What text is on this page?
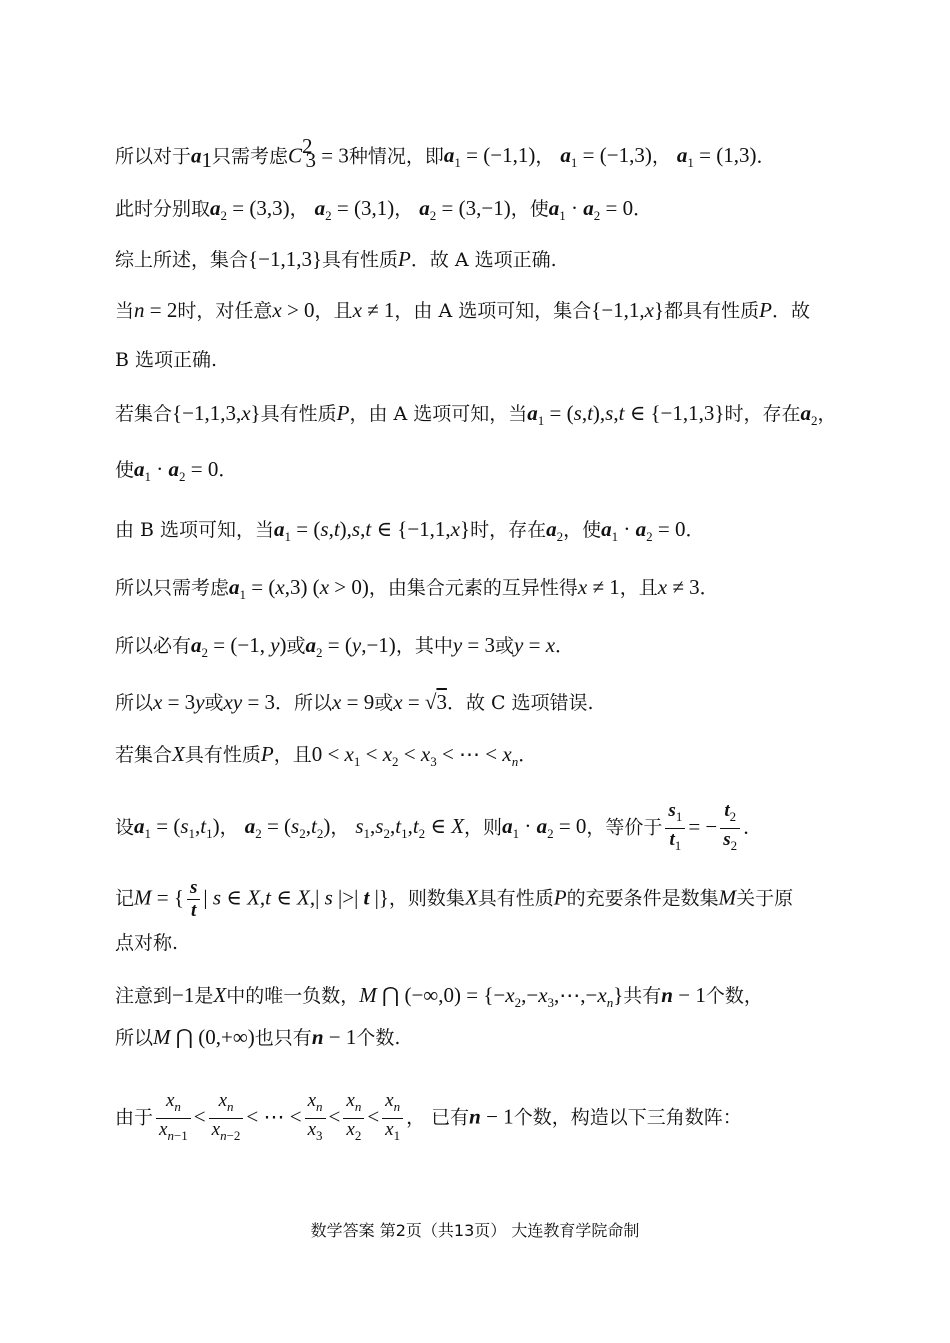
所以对于$a_1$只需考虑$C^2_3 = 3$种情况，即$a_1 = (-1,1)$， $a_1 = (-1,3)$， $a_1 = (1,3)$．
此时分别取$a_2 = (3,3)$， $a_2 = (3,1)$， $a_2 = (3,-1)$，使$a_1 \cdot a_2 = 0$．
综上所述，集合{−1,1,3}具有性质P．故 A 选项正确.
当n = 2时，对任意x > 0，且x ≠ 1，由 A 选项可知，集合{−1,1,x}都具有性质P．故
B 选项正确.
若集合{−1,1,3,x}具有性质P，由 A 选项可知，当$a_1 = (s,t),s,t$ ∈ {−1,1,3}时，存在$a_2$，
使$a_1 \cdot a_2 = 0$．
由 B 选项可知，当$a_1 = (s,t),s,t$ ∈ {−1,1,x}时，存在$a_2$，使$a_1 \cdot a_2 = 0$．
所以只需考虑$a_1 = (x,3) (x > 0)$，由集合元素的互异性得x ≠ 1，且x ≠ 3．
所以必有$a_2 = (-1$, y)或$a_2 = (y,-1)$，其中y = 3或y = x．
所以x = 3y或xy = 3．所以x = 9或x = √3．故 C 选项错误.
若集合X具有性质P，且$0 < x_1 < x_2 < x_3$ < ⋯ < $x_n$．
设$a_1 = (s_1,t_1)$， $a_2 = (s_2,t_2)$， $s_1,s_2,t_1,t_2$ ∈ X，则$a_1 \cdot a_2 = 0$，等价于 $\frac{s_1}{t_1}$ = − $\frac{t_2}{s_2}$ ．
记M = { $\frac{s}{t}$ | s ∈ X,t ∈ X,| s |>| t |}，则数集X具有性质P的充要条件是数集M关于原
点对称.
注意到−1是X中的唯一负数，M ⋂ $(-\infty,0) = \{-x_2,-x_3,\cdots,-x_n\}$共有n − 1个数，
所以M ⋂ (0,+∞)也只有n − 1个数.
由于 $\frac{x_n}{x_{n-1}} < \frac{x_n}{x_{n-2}}$ < ⋯ < $\frac{x_n}{x_3} < \frac{x_n}{x_2} < \frac{x_n}{x_1}$ ， 已有n − 1个数，构造以下三角数阵：
数学答案 第2页（共13页） 大连教育学院命制
